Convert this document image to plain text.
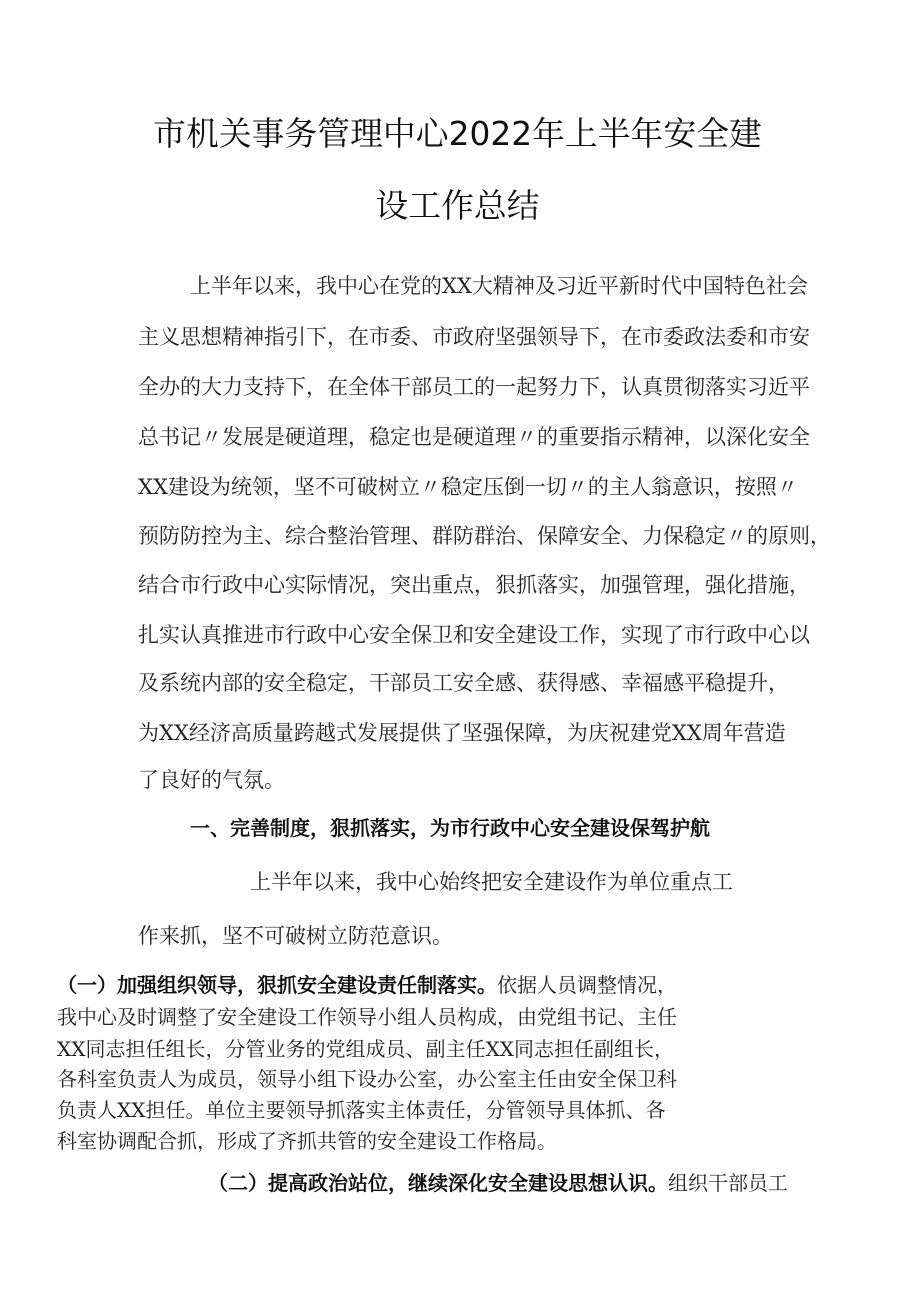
市机关事务管理中心2022年上半年安全建
设工作总结
上半年以来，我中心在党的XX大精神及习近平新时代中国特色社会
主义思想精神指引下，在市委、市政府坚强领导下，在市委政法委和市安
全办的大力支持下，在全体干部员工的一起努力下，认真贯彻落实习近平
总书记〃发展是硬道理，稳定也是硬道理〃的重要指示精神，以深化安全
XX建设为统领，坚不可破树立〃稳定压倒一切〃的主人翁意识，按照〃
预防防控为主、综合整治管理、群防群治、保障安全、力保稳定〃的原则，
结合市行政中心实际情况，突出重点，狠抓落实，加强管理，强化措施，
扎实认真推进市行政中心安全保卫和安全建设工作，实现了市行政中心以
及系统内部的安全稳定，干部员工安全感、获得感、幸福感平稳提升，
为XX经济高质量跨越式发展提供了坚强保障，为庆祝建党XX周年营造
了良好的气氛。
一、完善制度，狠抓落实，为市行政中心安全建设保驾护航
上半年以来，我中心始终把安全建设作为单位重点工
作来抓，坚不可破树立防范意识。
（一）加强组织领导，狠抓安全建设责任制落实。依据人员调整情况，
我中心及时调整了安全建设工作领导小组人员构成，由党组书记、主任
XX同志担任组长，分管业务的党组成员、副主任XX同志担任副组长，
各科室负责人为成员，领导小组下设办公室，办公室主任由安全保卫科
负责人XX担任。单位主要领导抓落实主体责任，分管领导具体抓、各
科室协调配合抓，形成了齐抓共管的安全建设工作格局。
（二）提高政治站位，继续深化安全建设思想认识。组织干部员工
